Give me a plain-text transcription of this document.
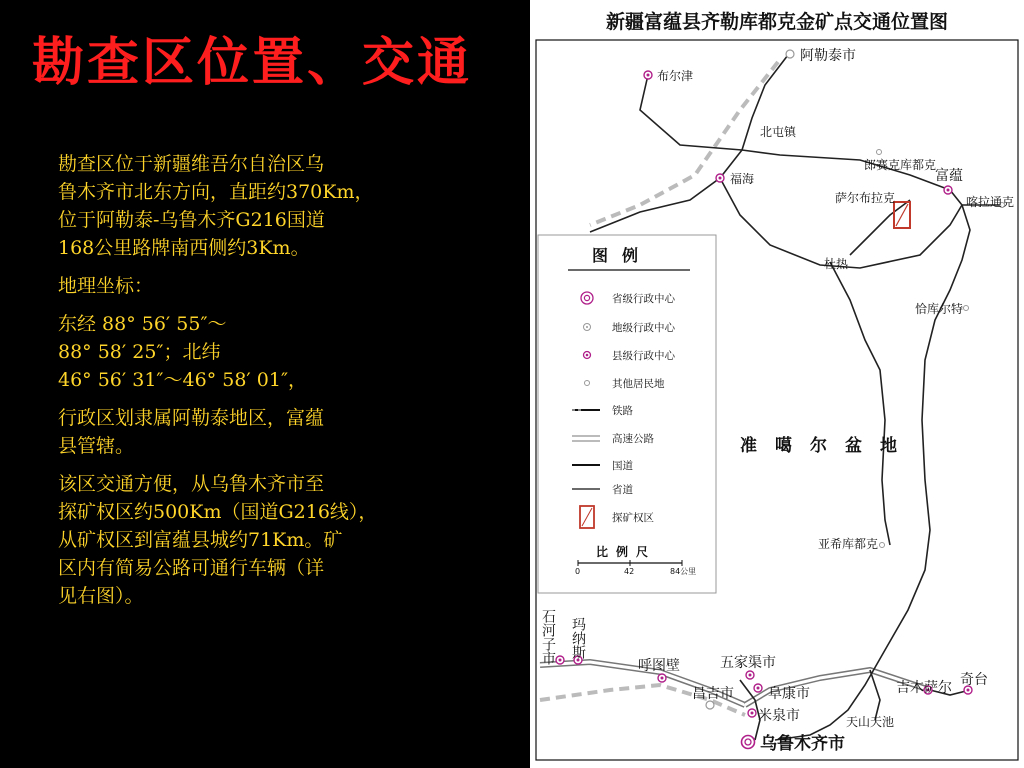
勘查区位置、交通

勘查区位于新疆维吾尔自治区乌
鲁木齐市北东方向，直距约370Km，
位于阿勒泰-乌鲁木齐G216国道
168公里路牌南西侧约3Km。

地理坐标：

东经 88° 56′ 55″～
88° 58′ 25″；北纬
46° 56′ 31″～46° 58′ 01″，

行政区划隶属阿勒泰地区，富蕴
县管辖。

该区交通方便，从乌鲁木齐市至
探矿权区约500Km（国道G216线），
从矿权区到富蕴县城约71Km。矿
区内有简易公路可通行车辆（详
见右图）。

新疆富蕴县齐勒库都克金矿点交通位置图
阿勒泰市
布尔津
北屯镇
福海
郎赛克库都克
富蕴
萨尔布拉克	喀拉通克
杜热
恰库尔特
准噶尔盆地
亚希库都克
石河子市 玛纳斯
呼图壁	五家渠市
昌吉市 阜康市
米泉市
吉木萨尔 奇台
天山天池
乌鲁木齐市
图例
省级行政中心
地级行政中心
县级行政中心
其他居民地
铁路
高速公路
国道
省道
探矿权区
比例尺
0	42	84公里
